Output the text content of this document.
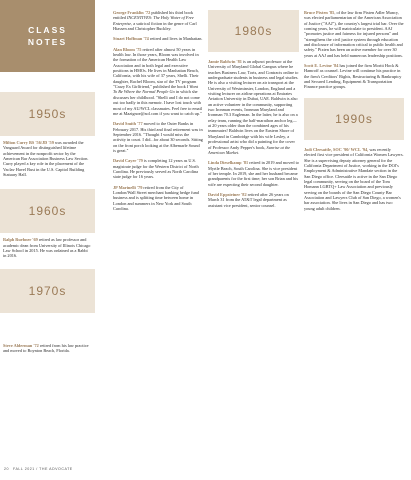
CLASS
NOTES
1950s
Milton Curry BS '56/JD '59 was awarded the Vanguard Award for distinguished lifetime achievement in the nonprofit sector by the American Bar Association Business Law Section. Curry played a key role in the placement of the Vaclav Havel Bust in the U.S. Capitol Building Statuary Hall.
1960s
Ralph Ruebner '69 retired as law professor and academic dean from University of Illinois Chicago Law School in 2015. He was ordained as a Rabbi in 2016.
1970s
Steve Alderman '72 retired from his law practice and moved to Boynton Beach, Florida.
George Franklin '72 published his third book entitled INCENTIVES: The Holy Water of Free Enterprise, a satirical fiction in the genre of Carl Hiassen and Christopher Buckley.
Stuart Hoffman '74 retired and lives in Manhattan.
Alan Bloom '75 retired after almost 50 years in health law. In those years, Bloom was involved in the formation of the American Health Law Association and in both legal and executive positions in HMOs. He lives in Manhattan Beach, California, with his wife of 37 years, Shelli. Their daughter, Rachel Bloom, star of the TV program "Crazy Ex Girlfriend," published the book I Want To Be Where the Normal People Go in which she discusses her childhood. "Shelli and I do not come out too badly in this memoir. I have lost touch with most of my AU/WCL classmates. Feel free to email me at Mazignoe@aol.com if you want to catch up."
David Smith '77 moved to the Outer Banks in February 2017. His third and final retirement was in September 2016. "Thought I would miss the activity in court. I did...for about 30 seconds. Sitting on the front porch looking at the Albemarle Sound is great."
David Cayer '79 is completing 12 years as U.S. magistrate judge for the Western District of North Carolina. He previously served as North Carolina state judge for 16 years.
JP Marinelli '79 retired from the City of London/Wall Street merchant banking hedge fund business and is splitting time between home in London and summers in New York and South Carolina.
1980s
Jamie Baldwin '81 is an adjunct professor at the University of Maryland Global Campus where he teaches Business Law, Torts, and Contracts online to undergraduate students in business and legal studies. He is also a visiting lecturer on air transport at the University of Westminster, London, England and a visiting lecturer on airline operations at Emirates Aviation University in Dubai, UAE. Baldwin is also an active volunteer in the community, supporting two Ironman events, Ironman Maryland and Ironman 70.3 Eagleman. In the latter, he is also on a relay team, running the half-marathon anchor leg—at 20 years older than the combined ages of his teammates! Baldwin lives on the Eastern Shore of Maryland in Cambridge with his wife Lesley, a professional artist who did a painting for the cover of Professor Andy Pepper's book, Sunrise at the American Market.
Linda Dieselkamp '81 retired in 2019 and moved to Myrtle Beach, South Carolina. She is vice president of her temple. In 2019, she and her husband became grandparents for the first time; her son Brian and his wife are expecting their second daughter.
David Eppsteiner '82 retired after 26 years on March 31 from the AT&T legal department as assistant vice president, senior counsel.
Bruce Pixten '85, of the law firm Pixten Adler Muncy, was elected parliamentarian of the American Association of Justice ("AAJ"), the country's largest trial bar. Over the coming years, he will matriculate to president. AAJ "promotes justice and fairness for injured persons" and "strengthens the civil justice system through education and disclosure of information critical to public health and safety." Pixten has been an active member for over 30 years at AAJ and has held numerous leadership positions.
Scott E. Levine '84 has joined the firm Moritt Hock & Hamroff as counsel. Levine will continue his practice in the firm's Creditors' Rights, Restructuring & Bankruptcy and Secured Lending, Equipment & Transportation Finance practice groups.
1990s
Jodi Cleesattle, SOC '90/ WCL '94, was recently elected first vice president of California Women Lawyers. She is a supervising deputy attorney general for the California Department of Justice, working in the DOJ's Employment & Administrative Mandate section in the San Diego office. Cleesattle is active in the San Diego legal community, serving on the board of the Tom Homann LGBTQ+ Law Association and previously serving on the boards of the San Diego County Bar Association and Lawyers Club of San Diego, a women's bar association. She lives in San Diego and has two young adult children.
20 FALL 2021 / THE ADVOCATE
